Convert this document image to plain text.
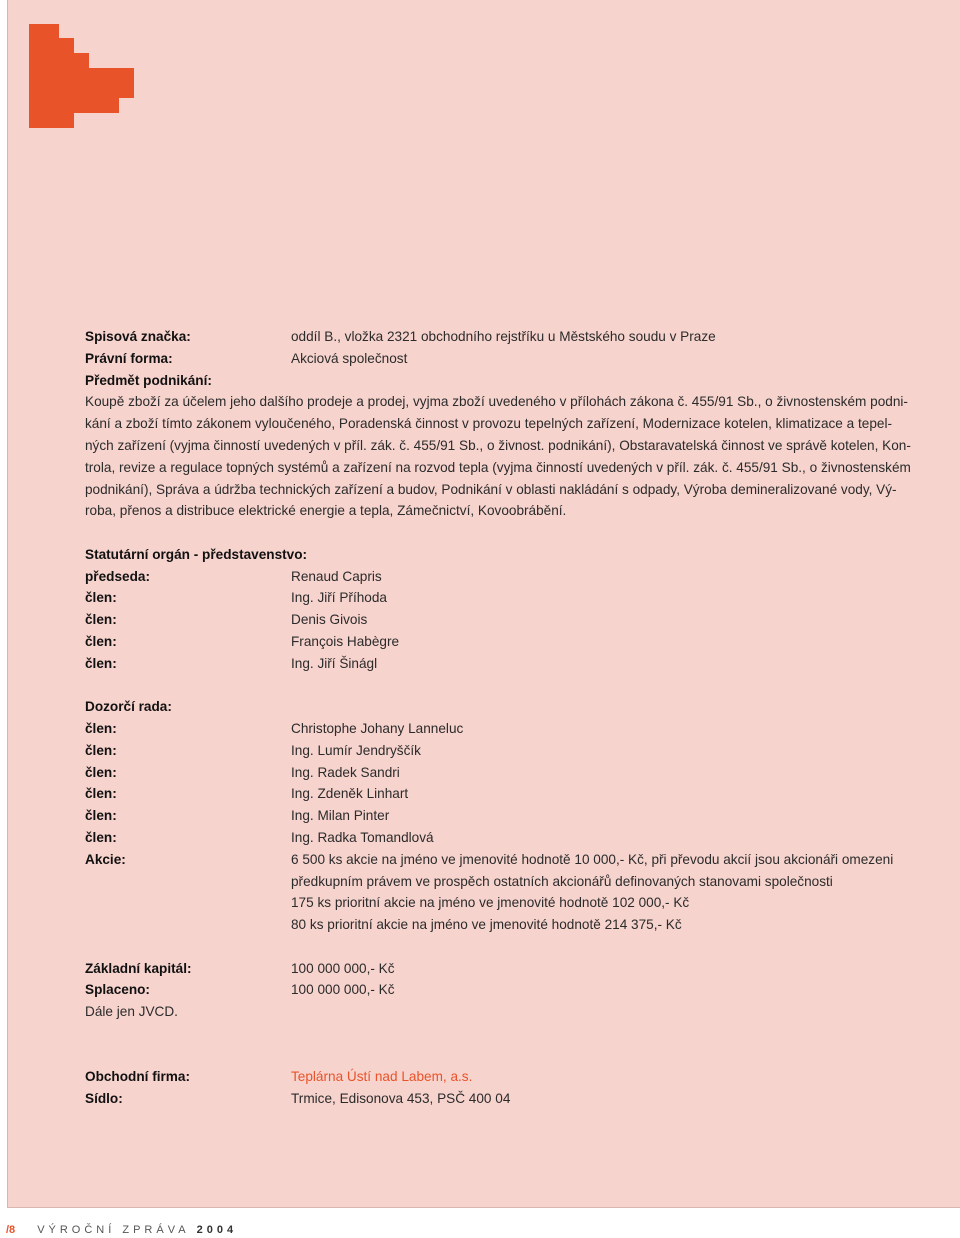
Spisová značka:	oddíl B., vložka 2321 obchodního rejstříku u Městského soudu v Praze
Právní forma:	Akciová společnost
Předmět podnikání:
Koupě zboží za účelem jeho dalšího prodeje a prodej, vyjma zboží uvedeného v přílohách zákona č. 455/91 Sb., o živnostenském podni-
kání a zboží tímto zákonem vyloučeného, Poradenská činnost v provozu tepelných zařízení, Modernizace kotelen, klimatizace a tepel-
ných zařízení (vyjma činností uvedených v příl. zák. č. 455/91 Sb., o živnost. podnikání), Obstaravatelská činnost ve správě kotelen, Kon-
trola, revize a regulace topných systémů a zařízení na rozvod tepla (vyjma činností uvedených v příl. zák. č. 455/91 Sb., o živnostenském
podnikání), Správa a údržba technických zařízení a budov, Podnikání v oblasti nakládání s odpady, Výroba demineralizované vody, Vý-
roba, přenos a distribuce elektrické energie a tepla, Zámečnictví, Kovoobrábění.
Statutární orgán - představenstvo:
předseda:	Renaud Capris
člen:	Ing. Jiří Příhoda
člen:	Denis Givois
člen:	François Habègre
člen:	Ing. Jiří Šinágl
Dozorčí rada:
člen:	Christophe Johany Lanneluc
člen:	Ing. Lumír Jendryščík
člen:	Ing. Radek Sandri
člen:	Ing. Zdeněk Linhart
člen:	Ing. Milan Pinter
člen:	Ing. Radka Tomandlová
Akcie:	6 500 ks akcie na jméno ve jmenovité hodnotě 10 000,- Kč, při převodu akcií jsou akcionáři omezeni
předkupním právem ve prospěch ostatních akcionářů definovaných stanovami společnosti
175 ks prioritní akcie na jméno ve jmenovité hodnotě 102 000,- Kč
80 ks prioritní akcie na jméno ve jmenovité hodnotě 214 375,- Kč
Základní kapitál:	100 000 000,- Kč
Splaceno:	100 000 000,- Kč
Dále jen JVCD.
Obchodní firma:	Teplárna Ústí nad Labem, a.s.
Sídlo:	Trmice, Edisonova 453, PSČ 400 04
/8 VÝROČNÍ ZPRÁVA 2004
